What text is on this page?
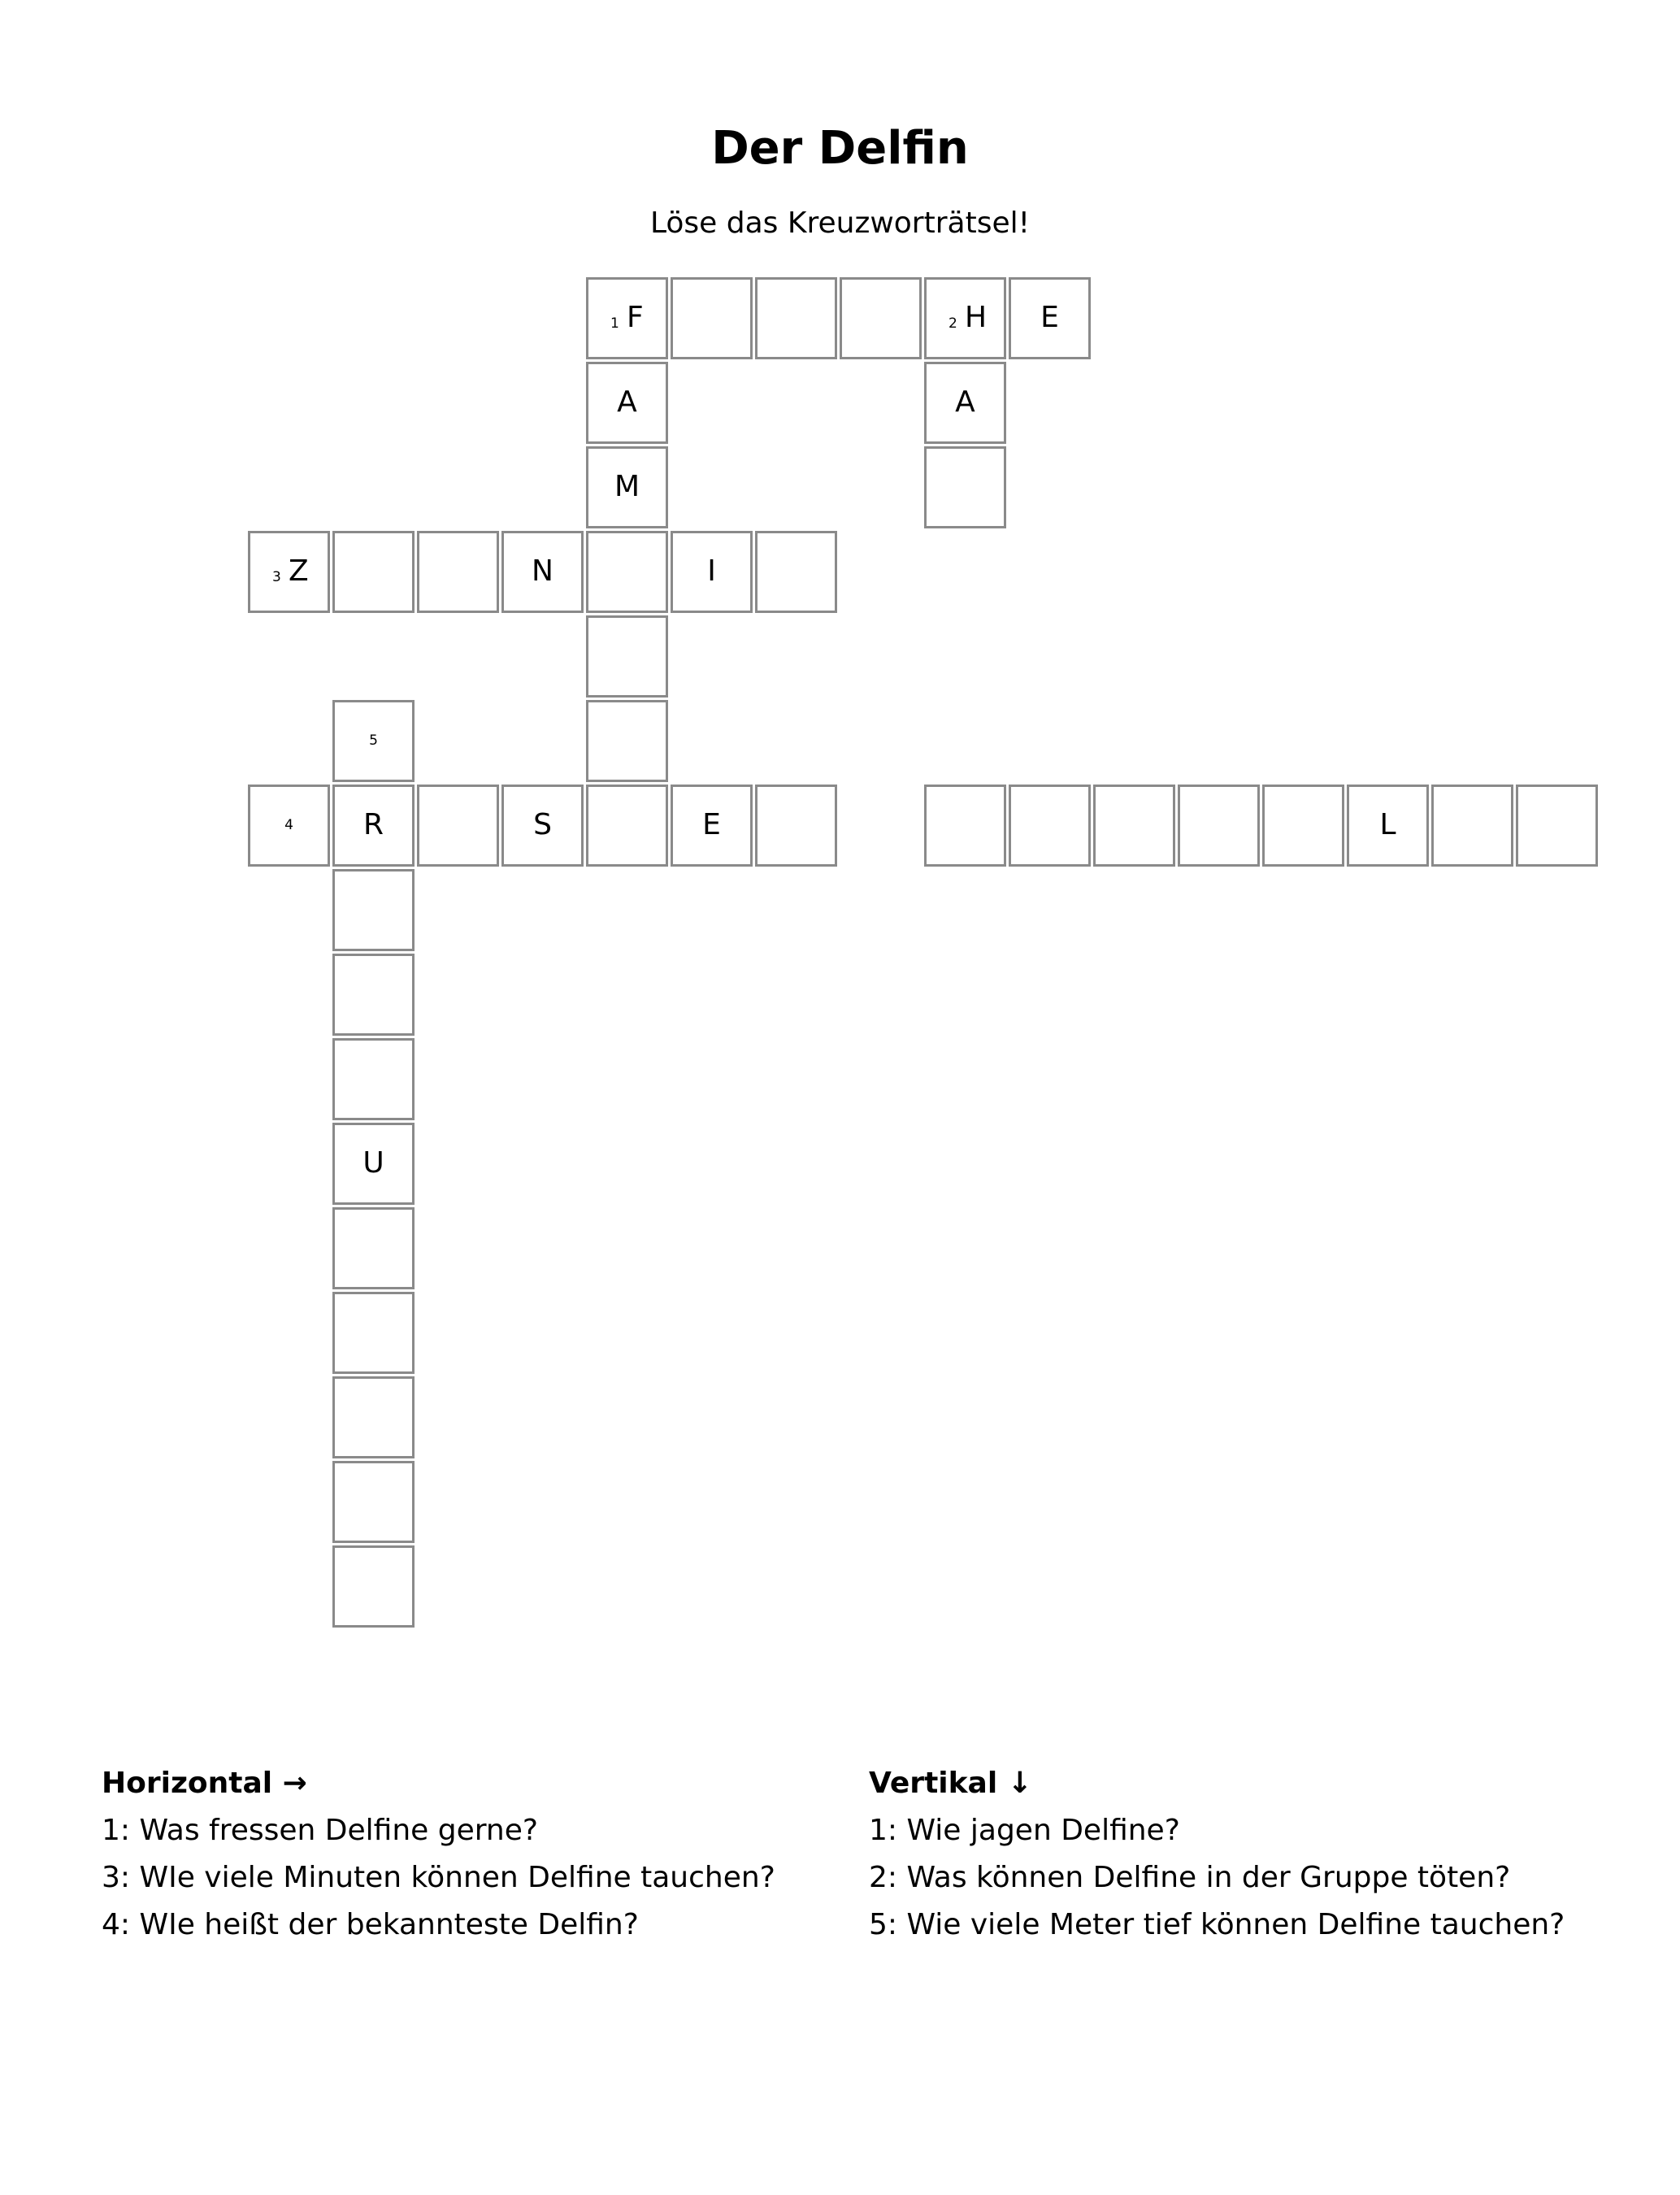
Der Delfin
Löse das Kreuzworträtsel!
1 F	2 H	E
A	A
M
3 Z	N	I
5
4	R	S	E	L
U
Horizontal →
1: Was fressen Delfine gerne?
3: WIe viele Minuten können Delfine tauchen?
4: WIe heißt der bekannteste Delfin?
Vertikal ↓
1: Wie jagen Delfine?
2: Was können Delfine in der Gruppe töten?
5: Wie viele Meter tief können Delfine tauchen?
